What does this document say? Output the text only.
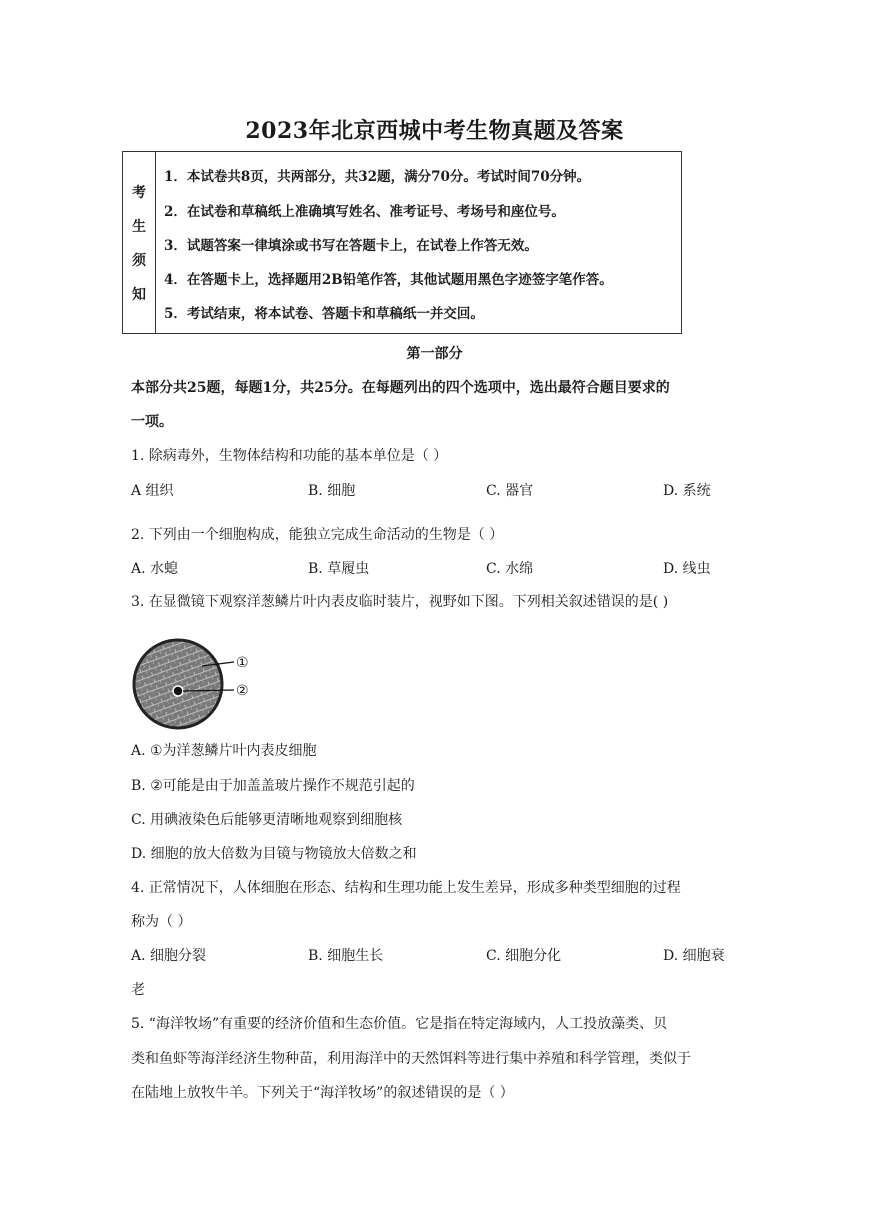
2023年北京西城中考生物真题及答案
考
生
须
知
1．本试卷共8页，共两部分，共32题，满分70分。考试时间70分钟。
2．在试卷和草稿纸上准确填写姓名、准考证号、考场号和座位号。
3．试题答案一律填涂或书写在答题卡上，在试卷上作答无效。
4．在答题卡上，选择题用2B铅笔作答，其他试题用黑色字迹签字笔作答。
5．考试结束，将本试卷、答题卡和草稿纸一并交回。
第一部分
本部分共25题，每题1分，共25分。在每题列出的四个选项中，选出最符合题目要求的
一项。
1. 除病毒外，生物体结构和功能的基本单位是（ ）
A 组织	B. 细胞	C. 器官	D. 系统
2. 下列由一个细胞构成，能独立完成生命活动的生物是（ ）
A. 水螅	B. 草履虫	C. 水绵	D. 线虫
3. 在显微镜下观察洋葱鳞片叶内表皮临时装片，视野如下图。下列相关叙述错误的是( )
①
②
A. ①为洋葱鳞片叶内表皮细胞
B. ②可能是由于加盖盖玻片操作不规范引起的
C. 用碘液染色后能够更清晰地观察到细胞核
D. 细胞的放大倍数为目镜与物镜放大倍数之和
4. 正常情况下，人体细胞在形态、结构和生理功能上发生差异，形成多种类型细胞的过程
称为（ ）
A. 细胞分裂	B. 细胞生长	C. 细胞分化	D. 细胞衰
老
5. “海洋牧场”有重要的经济价值和生态价值。它是指在特定海域内，人工投放藻类、贝
类和鱼虾等海洋经济生物种苗，利用海洋中的天然饵料等进行集中养殖和科学管理，类似于
在陆地上放牧牛羊。下列关于“海洋牧场”的叙述错误的是（ ）
